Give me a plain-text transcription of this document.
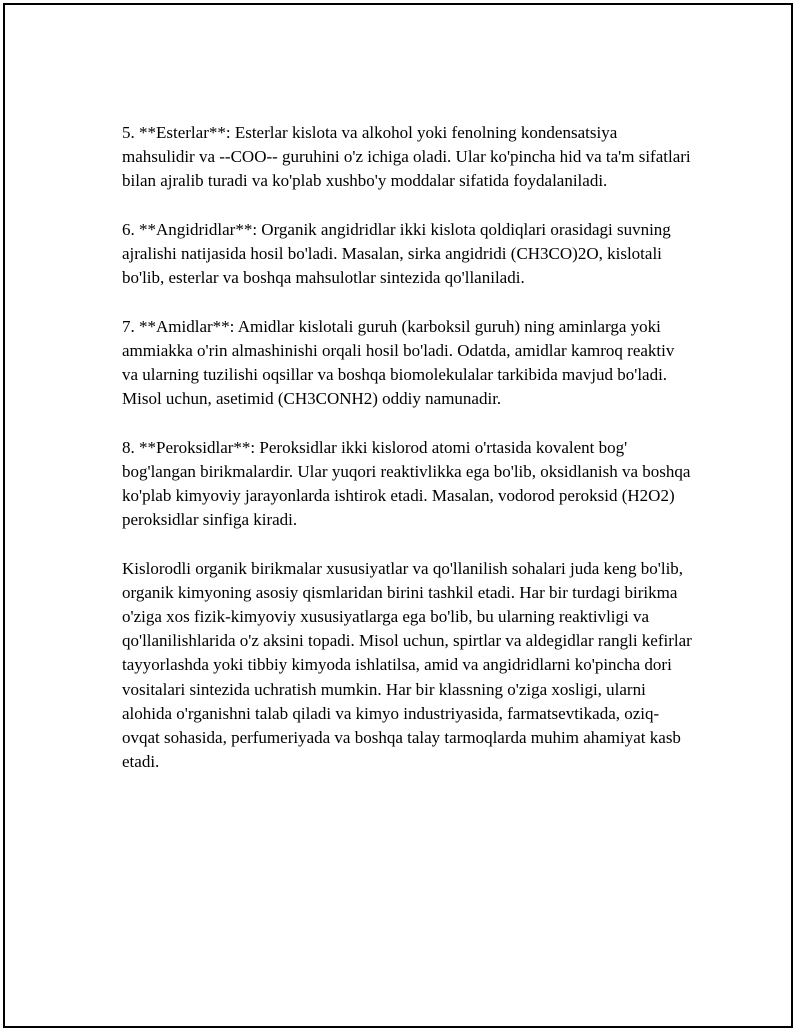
5. **Esterlar**: Esterlar kislota va alkohol yoki fenolning kondensatsiya mahsulidir va --COO-- guruhini o'z ichiga oladi. Ular ko'pincha hid va ta'm sifatlari bilan ajralib turadi va ko'plab xushbo'y moddalar sifatida foydalaniladi.

6. **Angidridlar**: Organik angidridlar ikki kislota qoldiqlari orasidagi suvning ajralishi natijasida hosil bo'ladi. Masalan, sirka angidridi (CH3CO)2O, kislotali bo'lib, esterlar va boshqa mahsulotlar sintezida qo'llaniladi.

7. **Amidlar**: Amidlar kislotali guruh (karboksil guruh) ning aminlarga yoki ammiakka o'rin almashinishi orqali hosil bo'ladi. Odatda, amidlar kamroq reaktiv va ularning tuzilishi oqsillar va boshqa biomolekulalar tarkibida mavjud bo'ladi. Misol uchun, asetimid (CH3CONH2) oddiy namunadir.

8. **Peroksidlar**: Peroksidlar ikki kislorod atomi o'rtasida kovalent bog' bog'langan birikmalardir. Ular yuqori reaktivlikka ega bo'lib, oksidlanish va boshqa ko'plab kimyoviy jarayonlarda ishtirok etadi. Masalan, vodorod peroksid (H2O2) peroksidlar sinfiga kiradi.

Kislorodli organik birikmalar xususiyatlar va qo'llanilish sohalari juda keng bo'lib, organik kimyoning asosiy qismlaridan birini tashkil etadi. Har bir turdagi birikma o'ziga xos fizik-kimyoviy xususiyatlarga ega bo'lib, bu ularning reaktivligi va qo'llanilishlarida o'z aksini topadi. Misol uchun, spirtlar va aldegidlar rangli kefirlar tayyorlashda yoki tibbiy kimyoda ishlatilsa, amid va angidridlarni ko'pincha dori vositalari sintezida uchratish mumkin. Har bir klassning o'ziga xosligi, ularni alohida o'rganishni talab qiladi va kimyo industriyasida, farmatsevtikada, oziq-ovqat sohasida, perfumeriyada va boshqa talay tarmoqlarda muhim ahamiyat kasb etadi.
